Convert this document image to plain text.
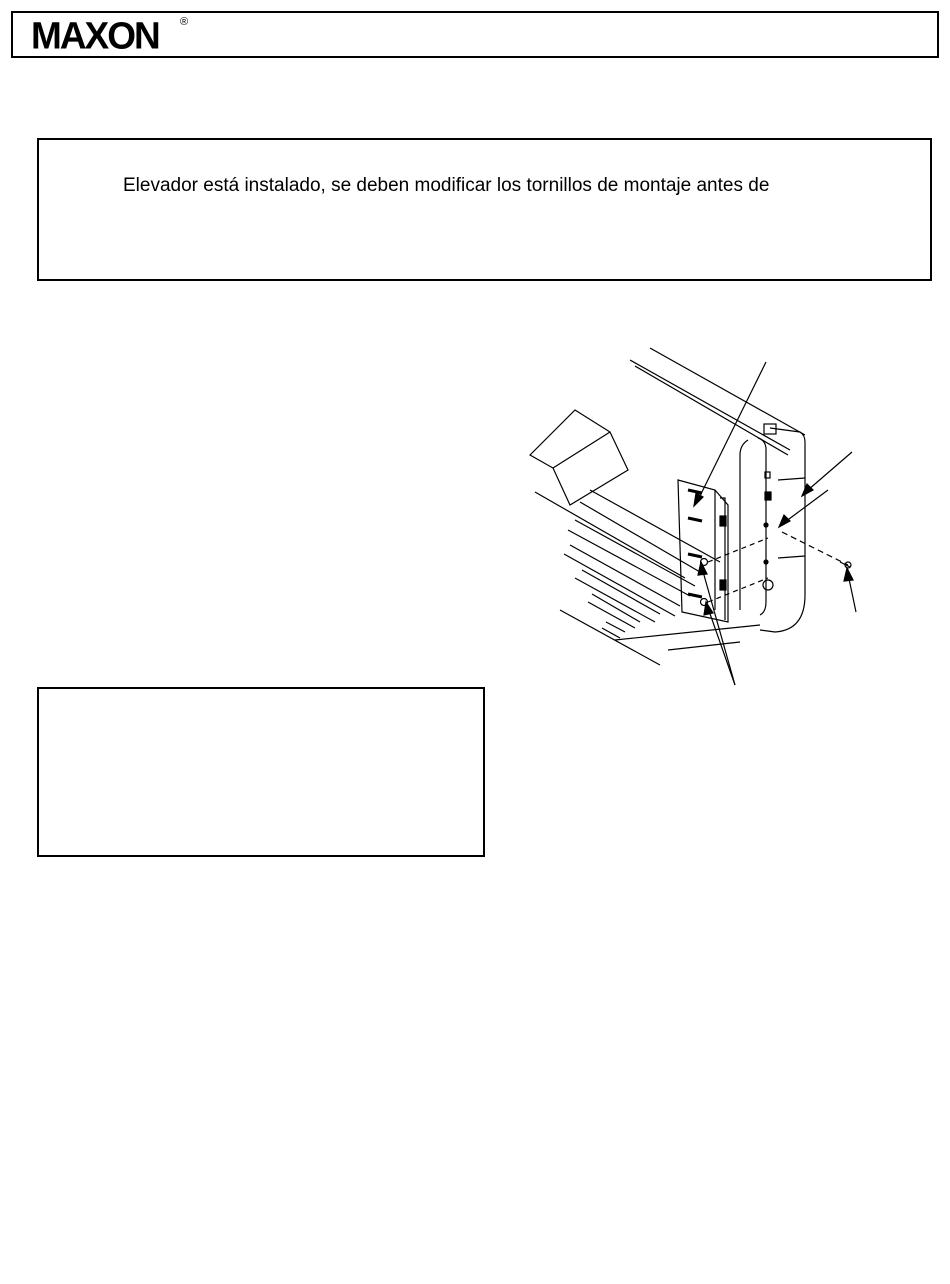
MAXON ®
Elevador está instalado, se deben modificar los tornillos de montaje antes de
